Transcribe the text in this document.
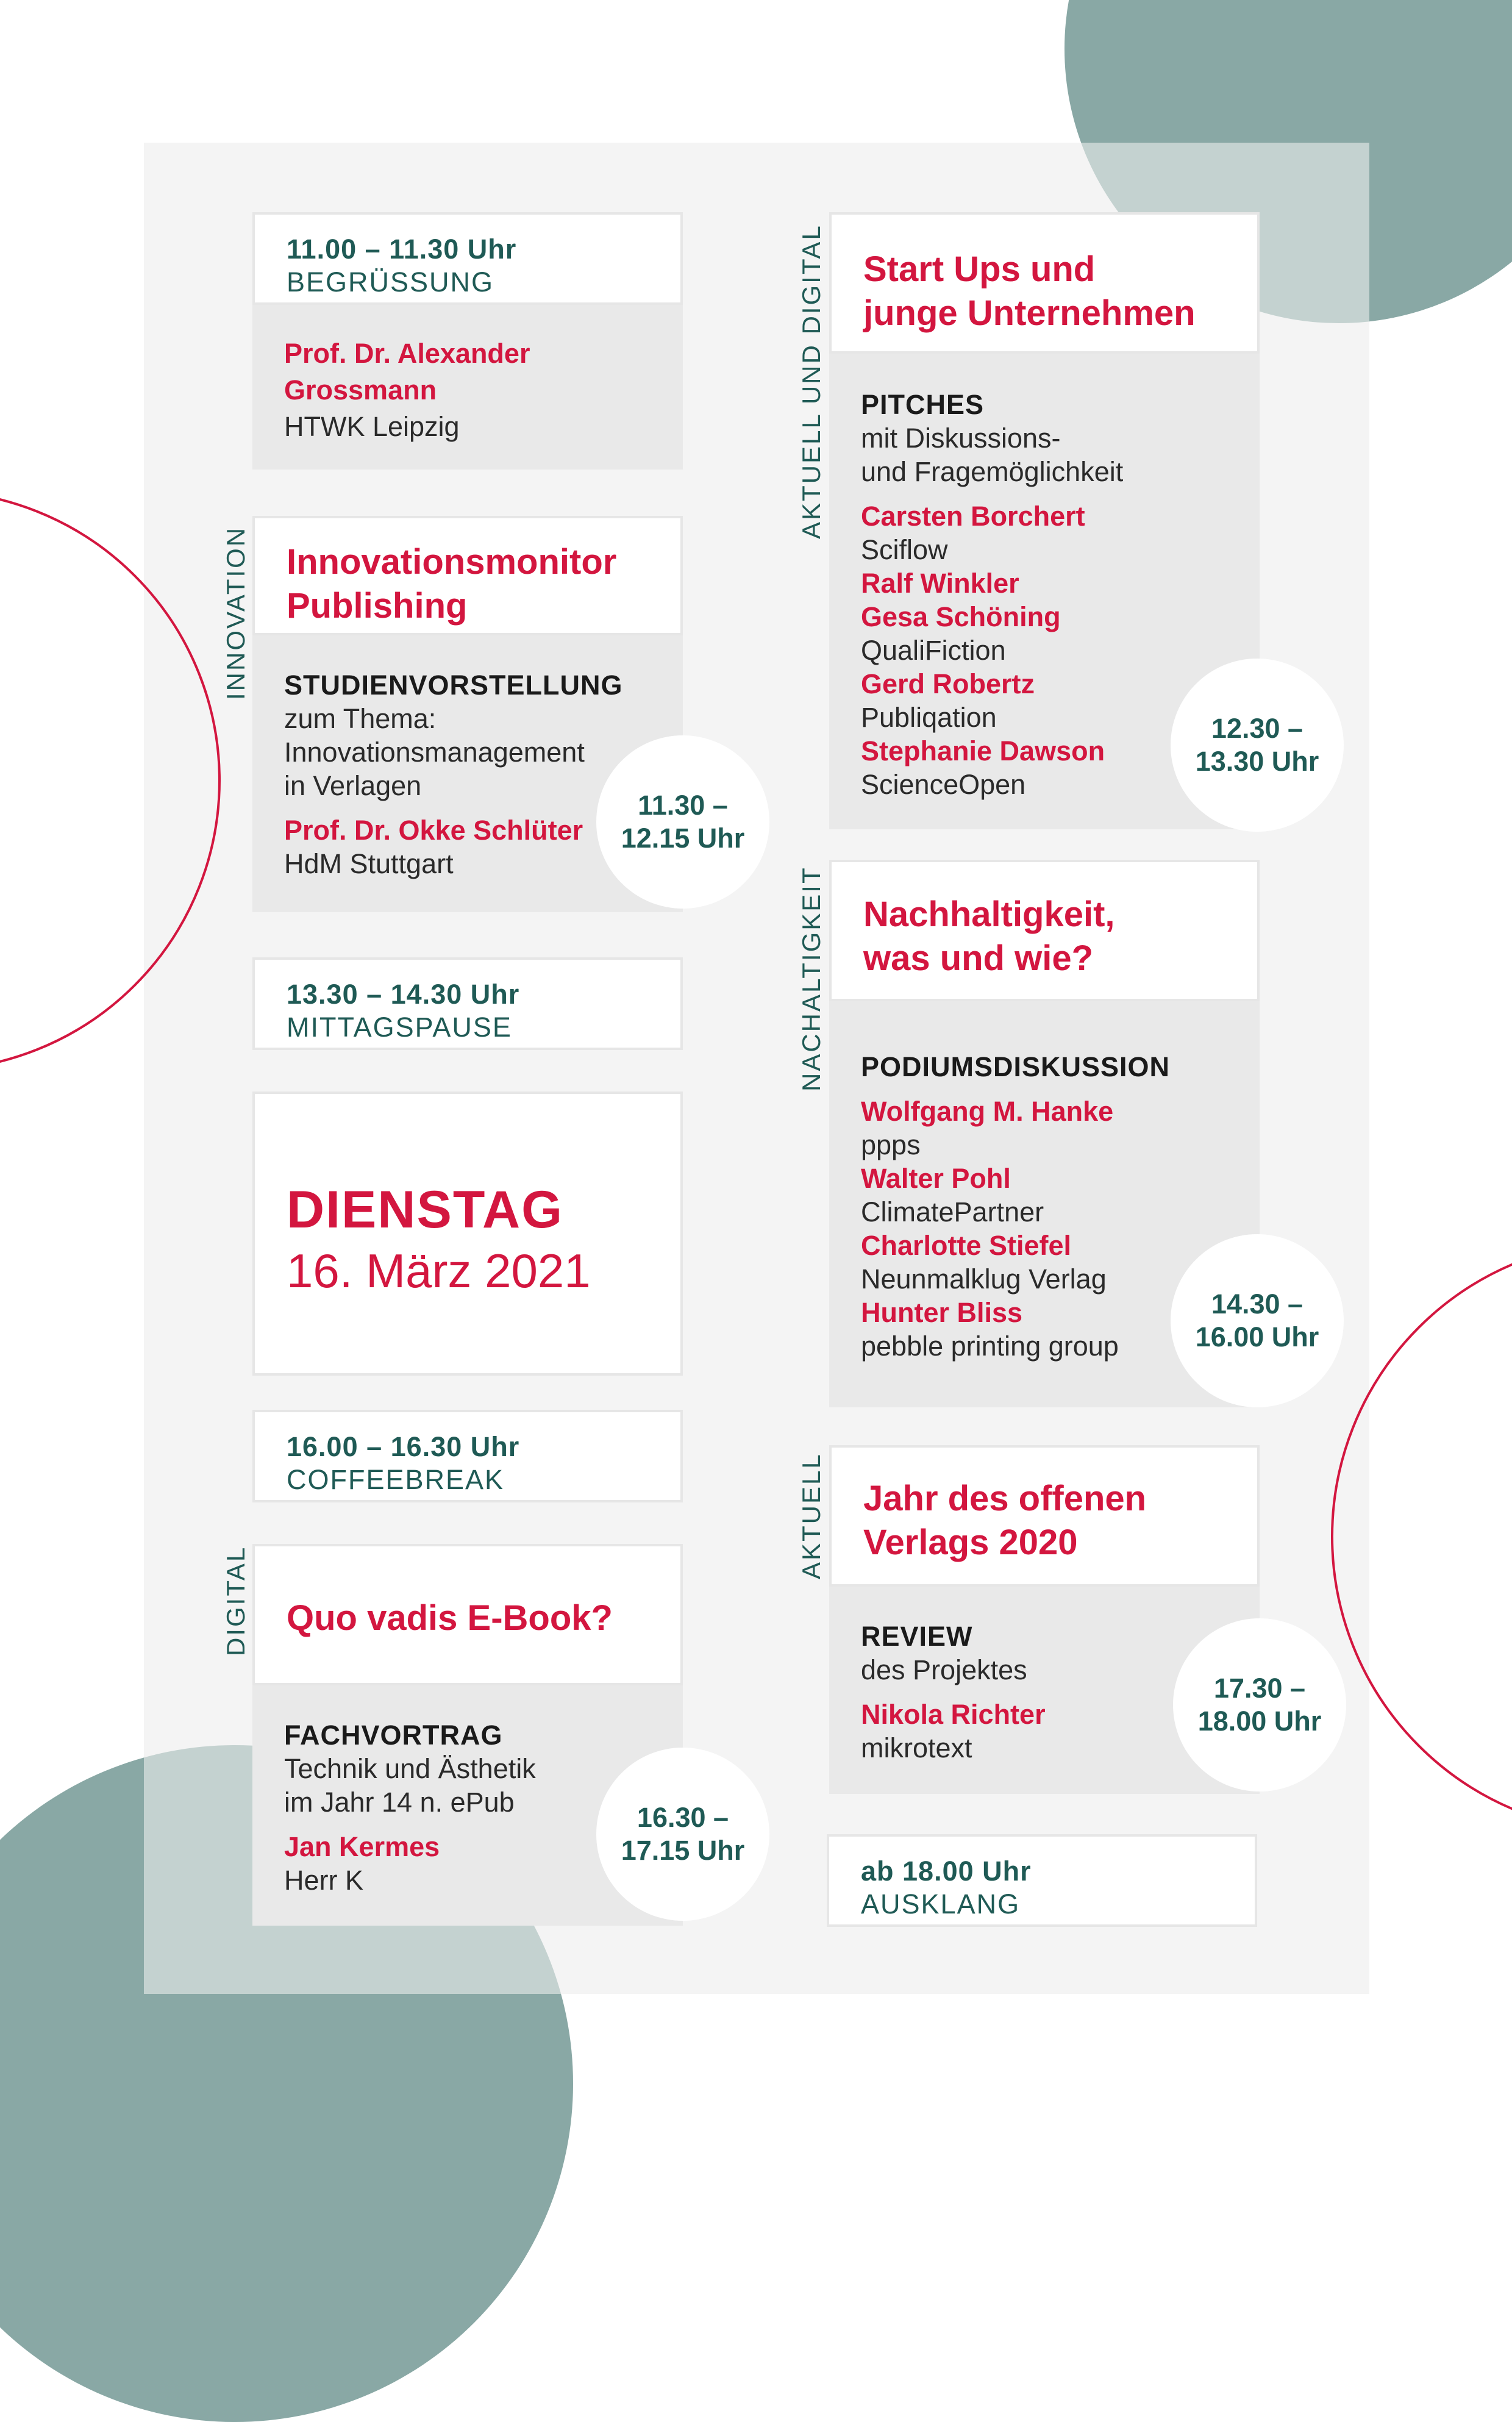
11.00 – 11.30 Uhr
BEGRÜSSUNG
Prof. Dr. Alexander
Grossmann
HTWK Leipzig
INNOVATION Innovationsmonitor
Publishing
STUDIENVORSTELLUNG
zum Thema:
Innovationsmanagement
in Verlagen
Prof. Dr. Okke Schlüter
HdM Stuttgart
11.30 –
12.15 Uhr
13.30 – 14.30 Uhr
MITTAGSPAUSE
DIENSTAG
16. März 2021
16.00 – 16.30 Uhr
COFFEEBREAK
DIGITAL Quo vadis E-Book?
FACHVORTRAG
Technik und Ästhetik
im Jahr 14 n. ePub
Jan Kermes
Herr K
16.30 –
17.15 Uhr
AKTUELL UND DIGITAL Start Ups und
junge Unternehmen
PITCHES
mit Diskussions-
und Fragemöglichkeit
Carsten Borchert
Sciflow
Ralf Winkler
Gesa Schöning
QualiFiction
Gerd Robertz
Publiqation
Stephanie Dawson
ScienceOpen
12.30 –
13.30 Uhr
NACHALTIGKEIT Nachhaltigkeit,
was und wie?
PODIUMSDISKUSSION
Wolfgang M. Hanke
ppps
Walter Pohl
ClimatePartner
Charlotte Stiefel
Neunmalklug Verlag
Hunter Bliss
pebble printing group
14.30 –
16.00 Uhr
AKTUELL Jahr des offenen
Verlags 2020
REVIEW
des Projektes
Nikola Richter
mikrotext
17.30 –
18.00 Uhr
ab 18.00 Uhr
AUSKLANG
